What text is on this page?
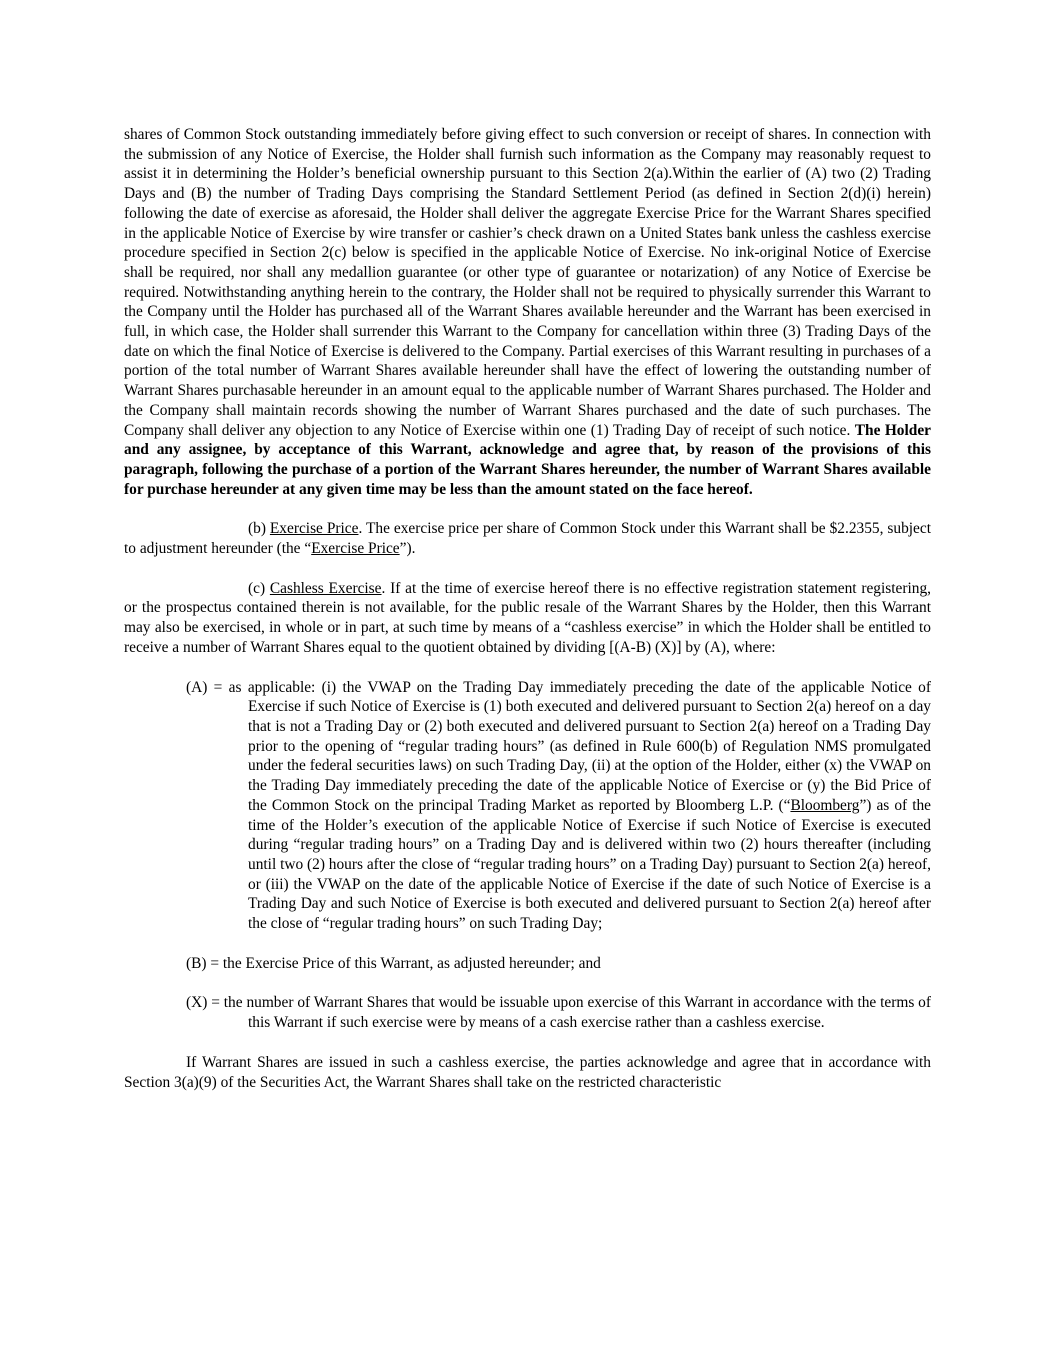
shares of Common Stock outstanding immediately before giving effect to such conversion or receipt of shares. In connection with the submission of any Notice of Exercise, the Holder shall furnish such information as the Company may reasonably request to assist it in determining the Holder’s beneficial ownership pursuant to this Section 2(a).Within the earlier of (A) two (2) Trading Days and (B) the number of Trading Days comprising the Standard Settlement Period (as defined in Section 2(d)(i) herein) following the date of exercise as aforesaid, the Holder shall deliver the aggregate Exercise Price for the Warrant Shares specified in the applicable Notice of Exercise by wire transfer or cashier’s check drawn on a United States bank unless the cashless exercise procedure specified in Section 2(c) below is specified in the applicable Notice of Exercise. No ink-original Notice of Exercise shall be required, nor shall any medallion guarantee (or other type of guarantee or notarization) of any Notice of Exercise be required. Notwithstanding anything herein to the contrary, the Holder shall not be required to physically surrender this Warrant to the Company until the Holder has purchased all of the Warrant Shares available hereunder and the Warrant has been exercised in full, in which case, the Holder shall surrender this Warrant to the Company for cancellation within three (3) Trading Days of the date on which the final Notice of Exercise is delivered to the Company. Partial exercises of this Warrant resulting in purchases of a portion of the total number of Warrant Shares available hereunder shall have the effect of lowering the outstanding number of Warrant Shares purchasable hereunder in an amount equal to the applicable number of Warrant Shares purchased. The Holder and the Company shall maintain records showing the number of Warrant Shares purchased and the date of such purchases. The Company shall deliver any objection to any Notice of Exercise within one (1) Trading Day of receipt of such notice. The Holder and any assignee, by acceptance of this Warrant, acknowledge and agree that, by reason of the provisions of this paragraph, following the purchase of a portion of the Warrant Shares hereunder, the number of Warrant Shares available for purchase hereunder at any given time may be less than the amount stated on the face hereof.

(b) Exercise Price. The exercise price per share of Common Stock under this Warrant shall be $2.2355, subject to adjustment hereunder (the “Exercise Price”).

(c) Cashless Exercise. If at the time of exercise hereof there is no effective registration statement registering, or the prospectus contained therein is not available, for the public resale of the Warrant Shares by the Holder, then this Warrant may also be exercised, in whole or in part, at such time by means of a “cashless exercise” in which the Holder shall be entitled to receive a number of Warrant Shares equal to the quotient obtained by dividing [(A-B) (X)] by (A), where:

(A) = as applicable: (i) the VWAP on the Trading Day immediately preceding the date of the applicable Notice of Exercise if such Notice of Exercise is (1) both executed and delivered pursuant to Section 2(a) hereof on a day that is not a Trading Day or (2) both executed and delivered pursuant to Section 2(a) hereof on a Trading Day prior to the opening of “regular trading hours” (as defined in Rule 600(b) of Regulation NMS promulgated under the federal securities laws) on such Trading Day, (ii) at the option of the Holder, either (x) the VWAP on the Trading Day immediately preceding the date of the applicable Notice of Exercise or (y) the Bid Price of the Common Stock on the principal Trading Market as reported by Bloomberg L.P. (“Bloomberg”) as of the time of the Holder’s execution of the applicable Notice of Exercise if such Notice of Exercise is executed during “regular trading hours” on a Trading Day and is delivered within two (2) hours thereafter (including until two (2) hours after the close of “regular trading hours” on a Trading Day) pursuant to Section 2(a) hereof, or (iii) the VWAP on the date of the applicable Notice of Exercise if the date of such Notice of Exercise is a Trading Day and such Notice of Exercise is both executed and delivered pursuant to Section 2(a) hereof after the close of “regular trading hours” on such Trading Day;

(B) = the Exercise Price of this Warrant, as adjusted hereunder; and

(X) = the number of Warrant Shares that would be issuable upon exercise of this Warrant in accordance with the terms of this Warrant if such exercise were by means of a cash exercise rather than a cashless exercise.

If Warrant Shares are issued in such a cashless exercise, the parties acknowledge and agree that in accordance with Section 3(a)(9) of the Securities Act, the Warrant Shares shall take on the restricted characteristic
